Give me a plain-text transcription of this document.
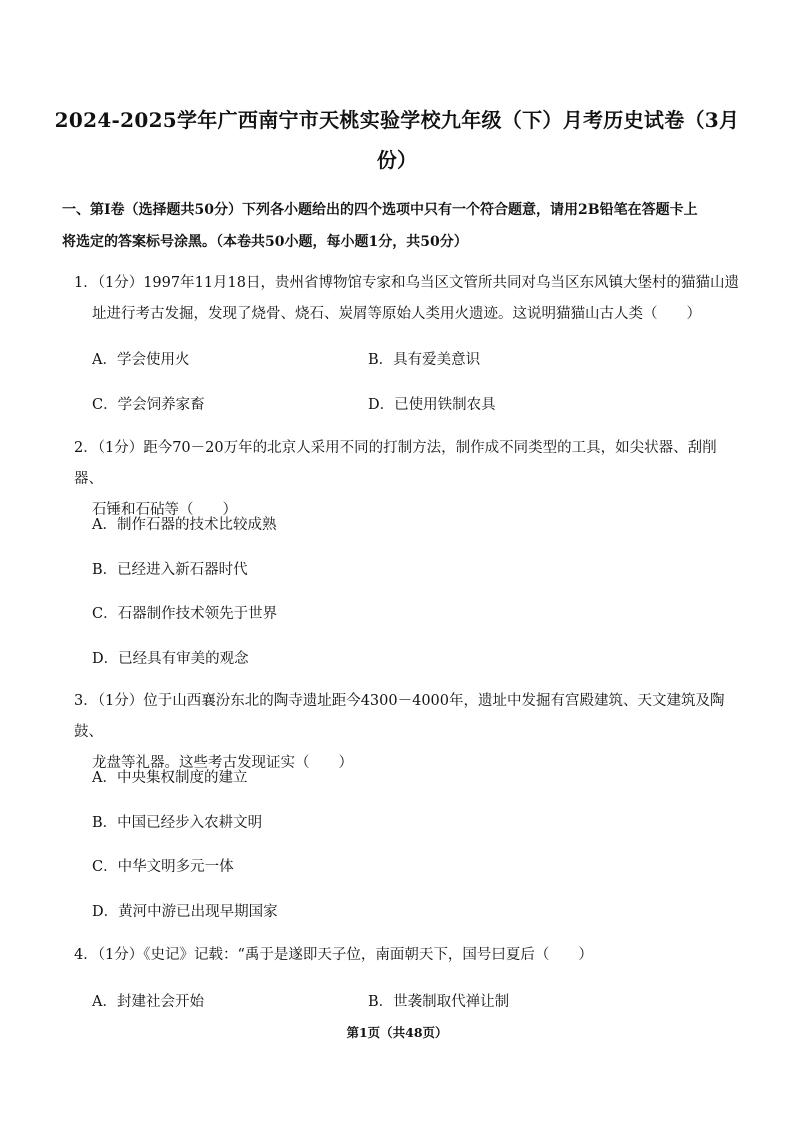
2024-2025学年广西南宁市天桃实验学校九年级（下）月考历史试卷（3月
份）
一、第Ⅰ卷（选择题共50分）下列各小题给出的四个选项中只有一个符合题意，请用2B铅笔在答题卡上
将选定的答案标号涂黑。（本卷共50小题，每小题1分，共50分）
1．（1分）1997年11月18日，贵州省博物馆专家和乌当区文管所共同对乌当区东风镇大堡村的猫猫山遗
址进行考古发掘，发现了烧骨、烧石、炭屑等原始人类用火遗迹。这说明猫猫山古人类（　　）
A．学会使用火	B．具有爱美意识
C．学会饲养家畜	D．已使用铁制农具
2．（1分）距今70－20万年的北京人采用不同的打制方法，制作成不同类型的工具，如尖状器、刮削器、
石锤和石砧等（　　）
A．制作石器的技术比较成熟
B．已经进入新石器时代
C．石器制作技术领先于世界
D．已经具有审美的观念
3．（1分）位于山西襄汾东北的陶寺遗址距今4300－4000年，遗址中发掘有宫殿建筑、天文建筑及陶鼓、
龙盘等礼器。这些考古发现证实（　　）
A．中央集权制度的建立
B．中国已经步入农耕文明
C．中华文明多元一体
D．黄河中游已出现早期国家
4．（1分）《史记》记载：“禹于是遂即天子位，南面朝天下，国号曰夏后（　　）
A．封建社会开始	B．世袭制取代禅让制
第1页（共48页）
